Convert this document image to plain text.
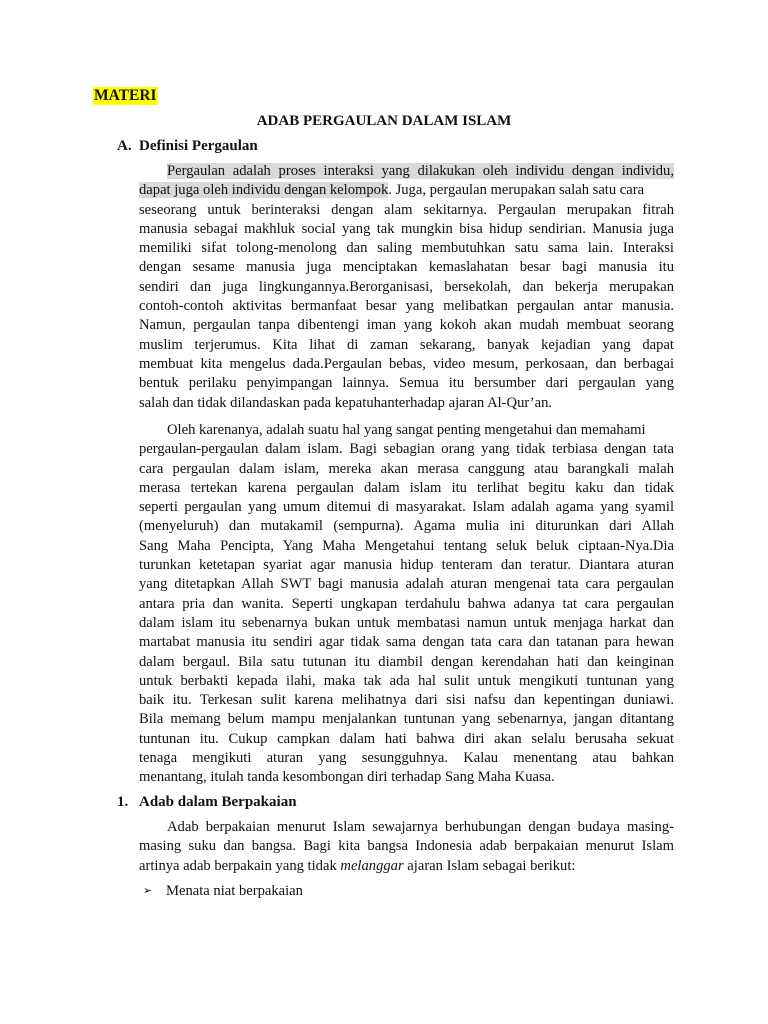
MATERI
ADAB PERGAULAN DALAM ISLAM
A. Definisi Pergaulan
Pergaulan adalah proses interaksi yang dilakukan oleh individu dengan individu,
dapat juga oleh individu dengan kelompok. Juga, pergaulan merupakan salah satu cara
seseorang untuk berinteraksi dengan alam sekitarnya. Pergaulan merupakan fitrah
manusia sebagai makhluk social yang tak mungkin bisa hidup sendirian. Manusia juga
memiliki sifat tolong-menolong dan saling membutuhkan satu sama lain. Interaksi
dengan sesame manusia juga menciptakan kemaslahatan besar bagi manusia itu
sendiri dan juga lingkungannya.Berorganisasi, bersekolah, dan bekerja merupakan
contoh-contoh aktivitas bermanfaat besar yang melibatkan pergaulan antar manusia.
Namun, pergaulan tanpa dibentengi iman yang kokoh akan mudah membuat seorang
muslim terjerumus. Kita lihat di zaman sekarang, banyak kejadian yang dapat
membuat kita mengelus dada.Pergaulan bebas, video mesum, perkosaan, dan berbagai
bentuk perilaku penyimpangan lainnya. Semua itu bersumber dari pergaulan yang
salah dan tidak dilandaskan pada kepatuhanterhadap ajaran Al-Qur’an.
Oleh karenanya, adalah suatu hal yang sangat penting mengetahui dan memahami
pergaulan-pergaulan dalam islam. Bagi sebagian orang yang tidak terbiasa dengan tata
cara pergaulan dalam islam, mereka akan merasa canggung atau barangkali malah
merasa tertekan karena pergaulan dalam islam itu terlihat begitu kaku dan tidak
seperti pergaulan yang umum ditemui di masyarakat. Islam adalah agama yang syamil
(menyeluruh) dan mutakamil (sempurna). Agama mulia ini diturunkan dari Allah
Sang Maha Pencipta, Yang Maha Mengetahui tentang seluk beluk ciptaan-Nya.Dia
turunkan ketetapan syariat agar manusia hidup tenteram dan teratur. Diantara aturan
yang ditetapkan Allah SWT bagi manusia adalah aturan mengenai tata cara pergaulan
antara pria dan wanita. Seperti ungkapan terdahulu bahwa adanya tat cara pergaulan
dalam islam itu sebenarnya bukan untuk membatasi namun untuk menjaga harkat dan
martabat manusia itu sendiri agar tidak sama dengan tata cara dan tatanan para hewan
dalam bergaul. Bila satu tutunan itu diambil dengan kerendahan hati dan keinginan
untuk berbakti kepada ilahi, maka tak ada hal sulit untuk mengikuti tuntunan yang
baik itu. Terkesan sulit karena melihatnya dari sisi nafsu dan kepentingan duniawi.
Bila memang belum mampu menjalankan tuntunan yang sebenarnya, jangan ditantang
tuntunan itu. Cukup campkan dalam hati bahwa diri akan selalu berusaha sekuat
tenaga mengikuti aturan yang sesungguhnya. Kalau menentang atau bahkan
menantang, itulah tanda kesombongan diri terhadap Sang Maha Kuasa.
1. Adab dalam Berpakaian
Adab berpakaian menurut Islam sewajarnya berhubungan dengan budaya masing-
masing suku dan bangsa. Bagi kita bangsa Indonesia adab berpakaian menurut Islam
artinya adab berpakain yang tidak melanggar ajaran Islam sebagai berikut:
➢ Menata niat berpakaian
